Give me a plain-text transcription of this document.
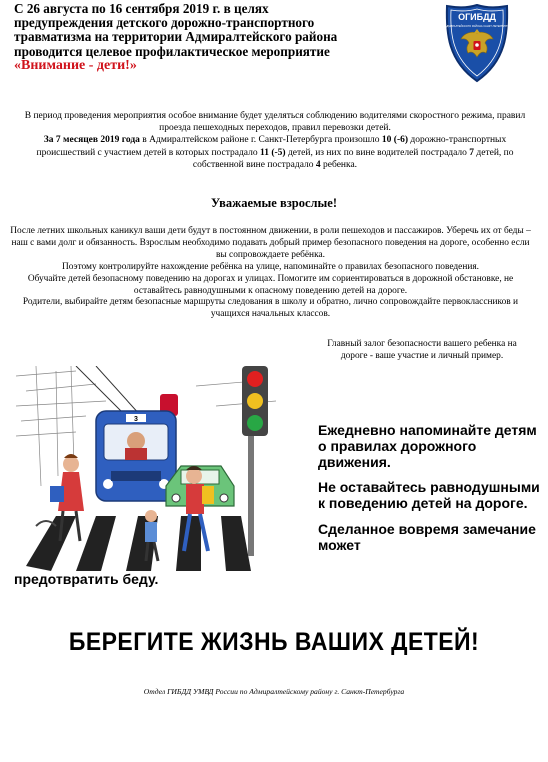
С 26 августа по 16 сентября 2019 г. в целях
предупреждения детского дорожно-транспортного
травматизма на территории Адмиралтейского района
проводится целевое профилактическое мероприятие
«Внимание - дети!»
ОГИБДД
АДМИРАЛТЕЙСКОГО РАЙОНА САНКТ-ПЕТЕРБУРГА

В период проведения мероприятия особое внимание будет уделяться соблюдению водителями скоростного режима, правил проезда пешеходных переходов, правил перевозки детей.

За 7 месяцев 2019 года в Адмиралтейском районе г. Санкт-Петербурга произошло 10 (-6) дорожно-транспортных происшествий с участием детей в которых пострадало 11 (-5) детей, из них по вине водителей пострадало 7 детей, по собственной вине пострадало 4 ребенка.

Уважаемые взрослые!

После летних школьных каникул ваши дети будут в постоянном движении, в роли пешеходов и пассажиров. Уберечь их от беды – наш с вами долг и обязанность. Взрослым необходимо подавать добрый пример безопасного поведения на дороге, особенно если вы сопровождаете ребёнка.

Поэтому контролируйте нахождение ребёнка на улице, напоминайте о правилах безопасного поведения.

Обучайте детей безопасному поведению на дорогах и улицах. Помогите им сориентироваться в дорожной обстановке, не оставайтесь равнодушными к опасному поведению детей на дороге.

Родители, выбирайте детям безопасные маршруты следования в школу и обратно, лично сопровождайте первоклассников и учащихся начальных классов.

Главный залог безопасности вашего ребенка на дороге - ваше участие и личный пример.
3

Ежедневно напоминайте детям о правилах дорожного движения.

Не оставайтесь равнодушными к поведению детей на дороге.

Сделанное вовремя замечание может

предотвратить беду.
БЕРЕГИТЕ ЖИЗНЬ ВАШИХ ДЕТЕЙ!
Отдел ГИБДД УМВД России по Адмиралтейскому району г. Санкт-Петербурга
